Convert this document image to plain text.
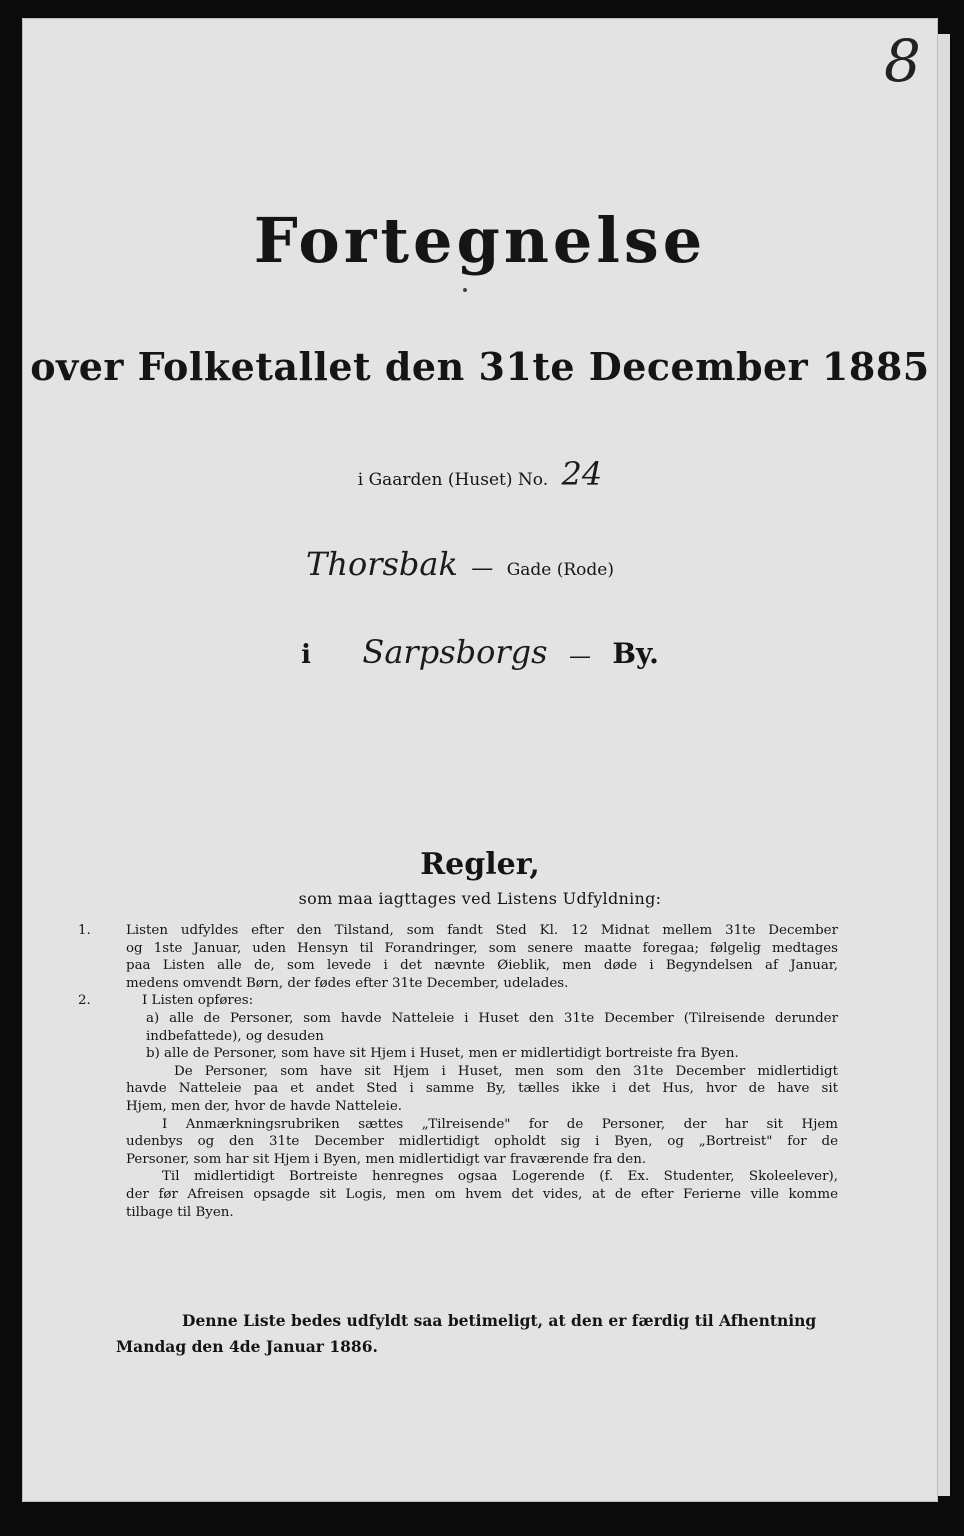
8
Fortegnelse
over Folketallet den 31te December 1885
i Gaarden (Huset) No. 24
Thorsbak — Gade (Rode)
i Sarpsborgs — By.
Regler,
som maa iagttages ved Listens Udfyldning:
1.	Listen udfyldes efter den Tilstand, som fandt Sted Kl. 12 Midnat mellem 31te December
og 1ste Januar, uden Hensyn til Forandringer, som senere maatte foregaa; følgelig medtages
paa Listen alle de, som levede i det nævnte Øieblik, men døde i Begyndelsen af Januar,
medens omvendt Børn, der fødes efter 31te December, udelades.
2.	I Listen opføres:
a) alle de Personer, som havde Natteleie i Huset den 31te December (Tilreisende derunder
indbefattede), og desuden
b) alle de Personer, som have sit Hjem i Huset, men er midlertidigt bortreiste fra Byen.
De Personer, som have sit Hjem i Huset, men som den 31te December midlertidigt
havde Natteleie paa et andet Sted i samme By, tælles ikke i det Hus, hvor de have sit
Hjem, men der, hvor de havde Natteleie.
I Anmærkningsrubriken sættes „Tilreisende" for de Personer, der har sit Hjem
udenbys og den 31te December midlertidigt opholdt sig i Byen, og „Bortreist" for de
Personer, som har sit Hjem i Byen, men midlertidigt var fraværende fra den.
Til midlertidigt Bortreiste henregnes ogsaa Logerende (f. Ex. Studenter, Skoleelever),
der før Afreisen opsagde sit Logis, men om hvem det vides, at de efter Ferierne ville komme
tilbage til Byen.
Denne Liste bedes udfyldt saa betimeligt, at den er færdig til Afhentning
Mandag den 4de Januar 1886.
